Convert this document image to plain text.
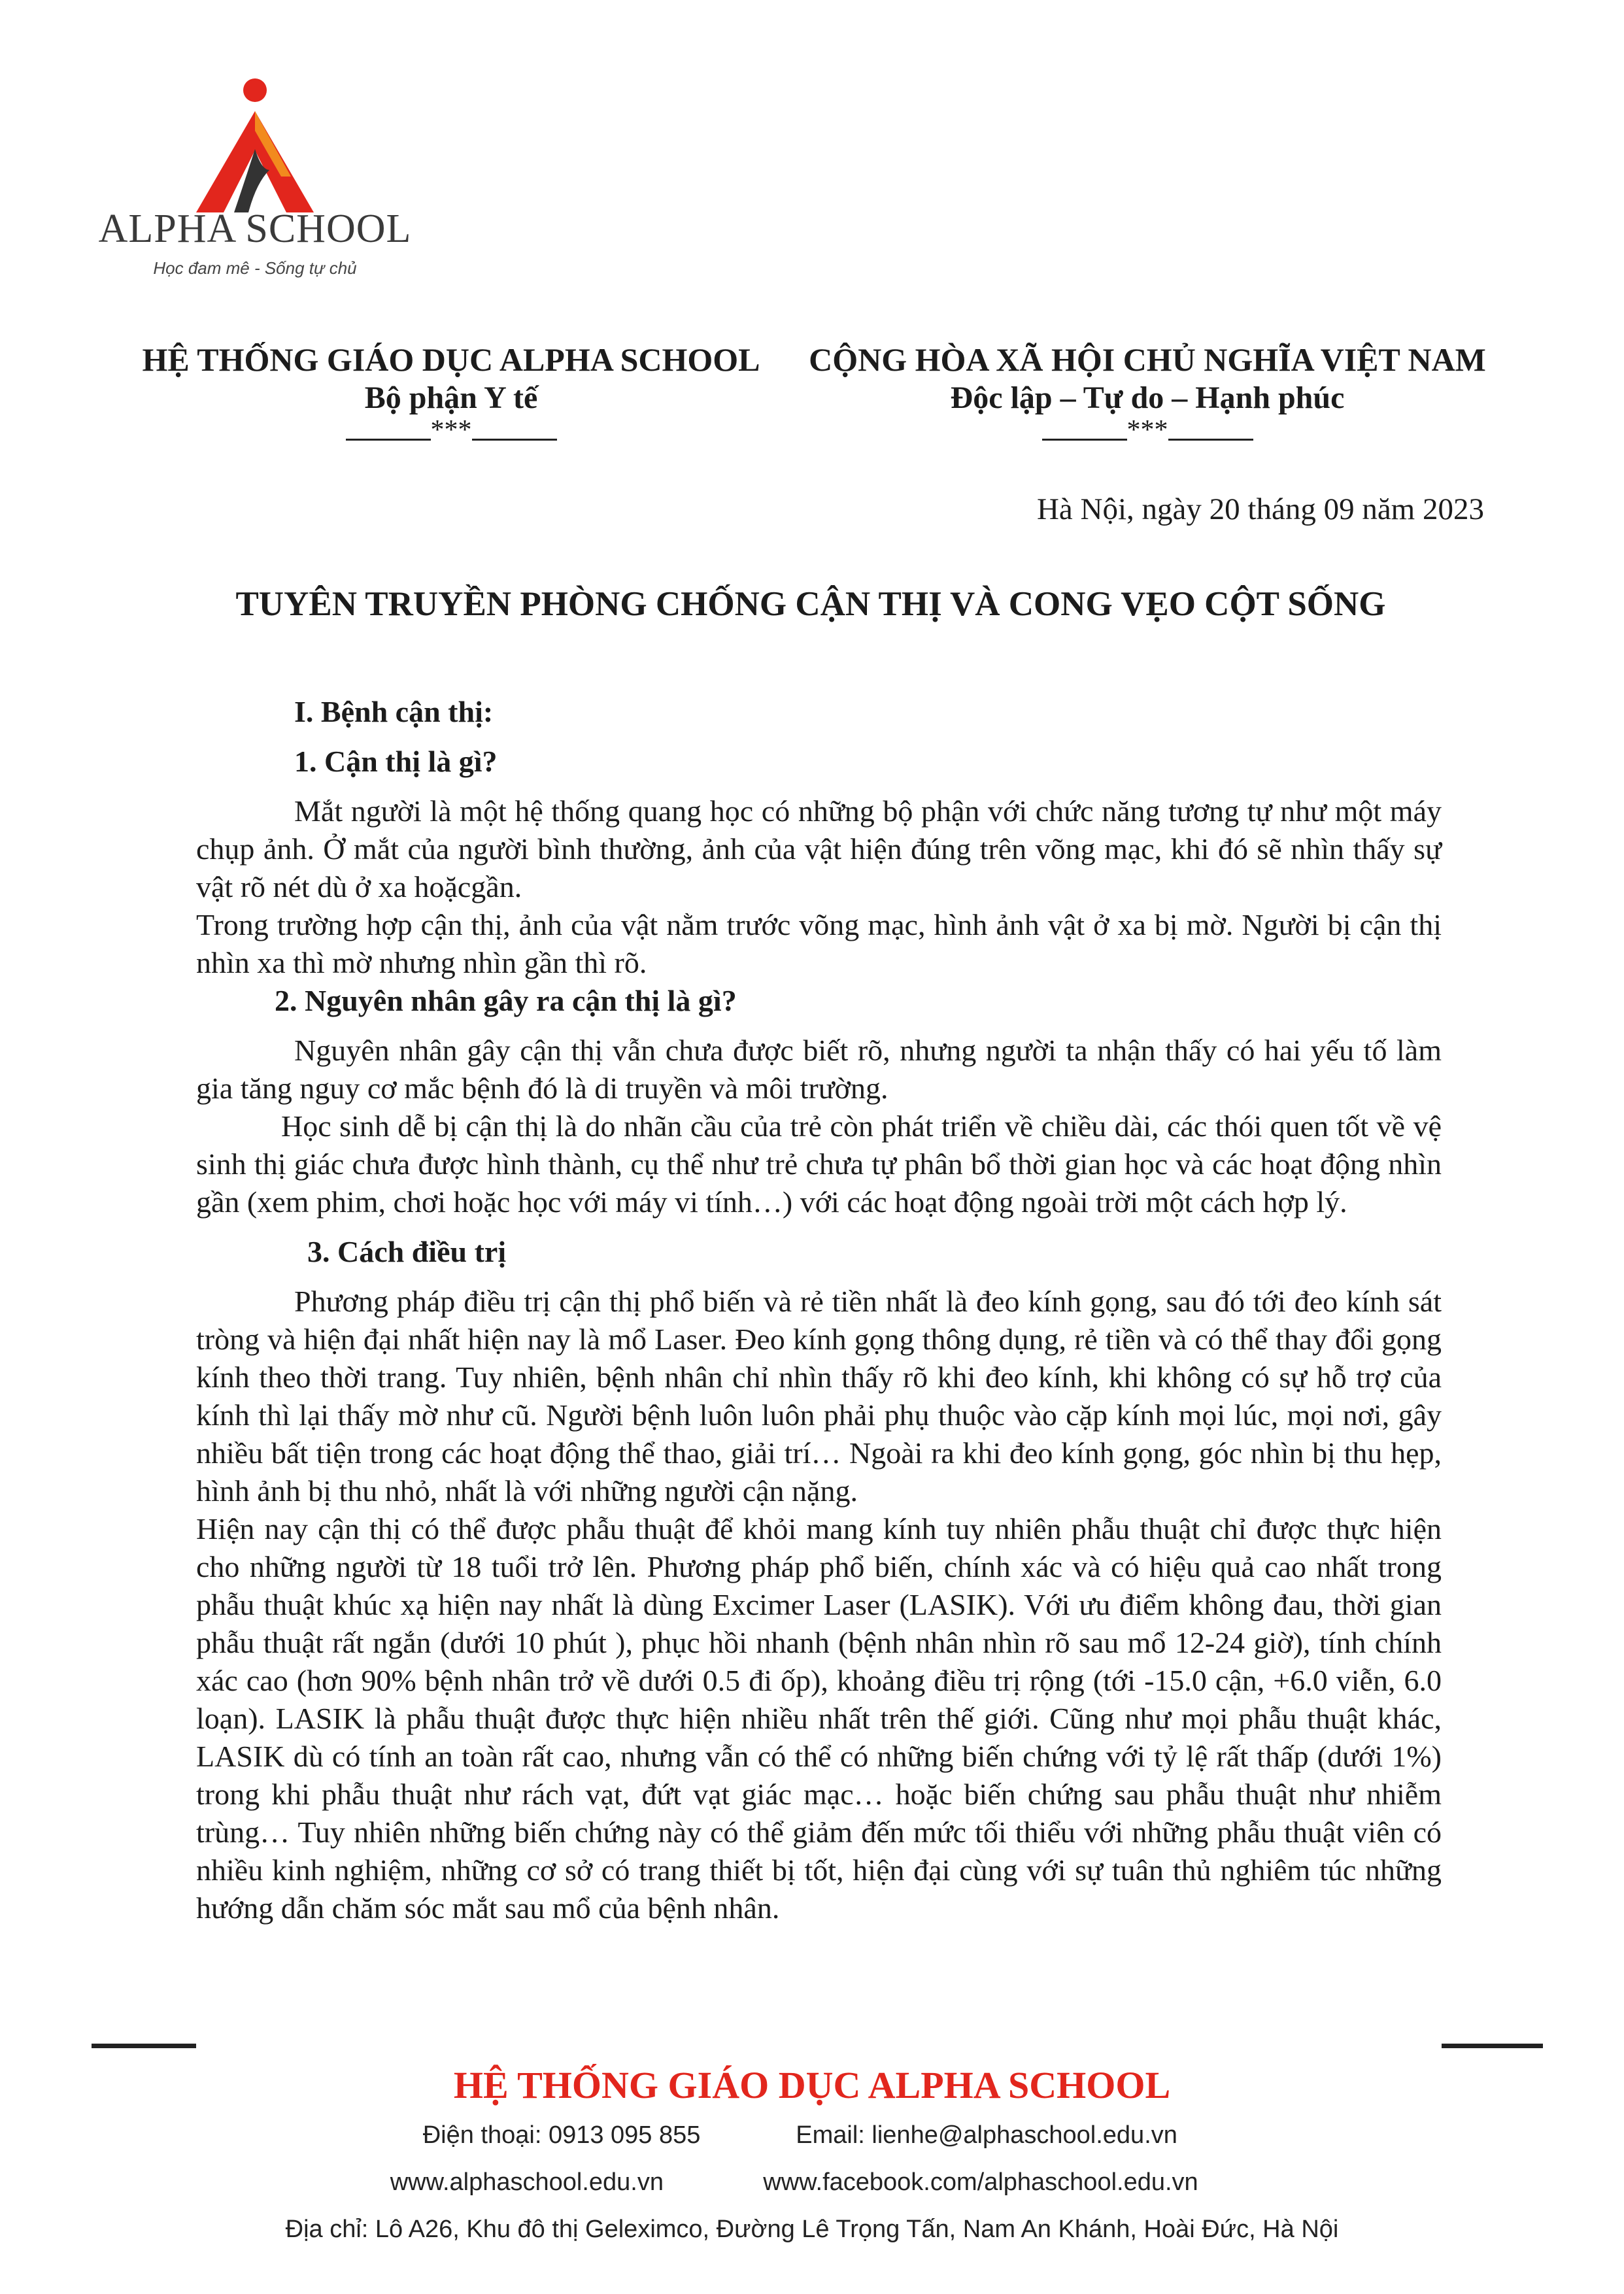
ALPHA SCHOOL
Học đam mê - Sống tự chủ
HỆ THỐNG GIÁO DỤC ALPHA SCHOOL
Bộ phận Y tế
***
CỘNG HÒA XÃ HỘI CHỦ NGHĨA VIỆT NAM
Độc lập – Tự do – Hạnh phúc
***
Hà Nội, ngày 20 tháng 09 năm 2023
TUYÊN TRUYỀN PHÒNG CHỐNG CẬN THỊ VÀ CONG VẸO CỘT SỐNG

I. Bệnh cận thị:

1. Cận thị là gì?

Mắt người là một hệ thống quang học có những bộ phận với chức năng tương tự như một máy chụp ảnh. Ở mắt của người bình thường, ảnh của vật hiện đúng trên võng mạc, khi đó sẽ nhìn thấy sự vật rõ nét dù ở xa hoặcgần.

Trong trường hợp cận thị, ảnh của vật nằm trước võng mạc, hình ảnh vật ở xa bị mờ. Người bị cận thị nhìn xa thì mờ nhưng nhìn gần thì rõ.

2. Nguyên nhân gây ra cận thị là gì?

Nguyên nhân gây cận thị vẫn chưa được biết rõ, nhưng người ta nhận thấy có hai yếu tố làm gia tăng nguy cơ mắc bệnh đó là di truyền và môi trường.

Học sinh dễ bị cận thị là do nhãn cầu của trẻ còn phát triển về chiều dài, các thói quen tốt về vệ sinh thị giác chưa được hình thành, cụ thể như trẻ chưa tự phân bổ thời gian học và các hoạt động nhìn gần (xem phim, chơi hoặc học với máy vi tính…) với các hoạt động ngoài trời một cách hợp lý.

3. Cách điều trị

Phương pháp điều trị cận thị phổ biến và rẻ tiền nhất là đeo kính gọng, sau đó tới đeo kính sát tròng và hiện đại nhất hiện nay là mổ Laser. Đeo kính gọng thông dụng, rẻ tiền và có thể thay đổi gọng kính theo thời trang. Tuy nhiên, bệnh nhân chỉ nhìn thấy rõ khi đeo kính, khi không có sự hỗ trợ của kính thì lại thấy mờ như cũ. Người bệnh luôn luôn phải phụ thuộc vào cặp kính mọi lúc, mọi nơi, gây nhiều bất tiện trong các hoạt động thể thao, giải trí… Ngoài ra khi đeo kính gọng, góc nhìn bị thu hẹp, hình ảnh bị thu nhỏ, nhất là với những người cận nặng.

Hiện nay cận thị có thể được phẫu thuật để khỏi mang kính tuy nhiên phẫu thuật chỉ được thực hiện cho những người từ 18 tuổi trở lên. Phương pháp phổ biến, chính xác và có hiệu quả cao nhất trong phẫu thuật khúc xạ hiện nay nhất là dùng Excimer Laser (LASIK). Với ưu điểm không đau, thời gian phẫu thuật rất ngắn (dưới 10 phút ), phục hồi nhanh (bệnh nhân nhìn rõ sau mổ 12-24 giờ), tính chính xác cao (hơn 90% bệnh nhân trở về dưới 0.5 đi ốp), khoảng điều trị rộng (tới -15.0 cận, +6.0 viễn, 6.0 loạn). LASIK là phẫu thuật được thực hiện nhiều nhất trên thế giới. Cũng như mọi phẫu thuật khác, LASIK dù có tính an toàn rất cao, nhưng vẫn có thể có những biến chứng với tỷ lệ rất thấp (dưới 1%) trong khi phẫu thuật như rách vạt, đứt vạt giác mạc… hoặc biến chứng sau phẫu thuật như nhiễm trùng… Tuy nhiên những biến chứng này có thể giảm đến mức tối thiểu với những phẫu thuật viên có nhiều kinh nghiệm, những cơ sở có trang thiết bị tốt, hiện đại cùng với sự tuân thủ nghiêm túc những hướng dẫn chăm sóc mắt sau mổ của bệnh nhân.

HỆ THỐNG GIÁO DỤC ALPHA SCHOOL
Điện thoại: 0913 095 855	Email: lienhe@alphaschool.edu.vn
www.alphaschool.edu.vn	www.facebook.com/alphaschool.edu.vn
Địa chỉ: Lô A26, Khu đô thị Geleximco, Đường Lê Trọng Tấn, Nam An Khánh, Hoài Đức, Hà Nội
